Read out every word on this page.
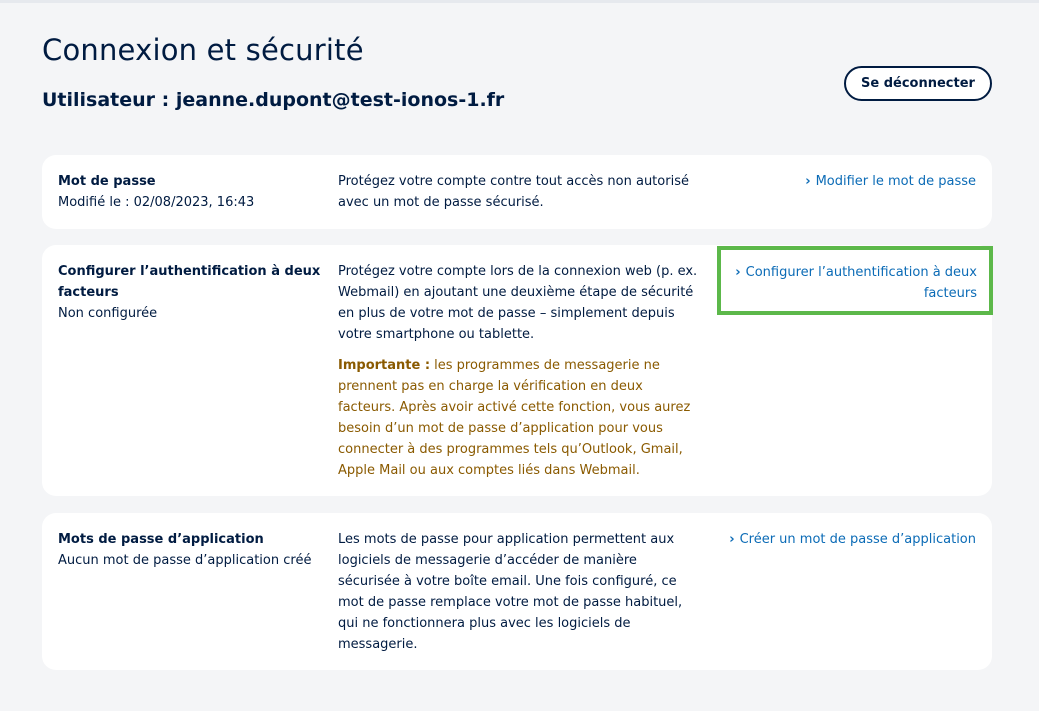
Connexion et sécurité
Utilisateur : jeanne.dupont@test-ionos-1.fr
Se déconnecter
Mot de passe
Modifié le : 02/08/2023, 16:43

Protégez votre compte contre tout accès non autorisé avec un mot de passe sécurisé.

› Modifier le mot de passe
Configurer l’authentification à deux facteurs
Non configurée

Protégez votre compte lors de la connexion web (p. ex. Webmail) en ajoutant une deuxième étape de sécurité en plus de votre mot de passe – simplement depuis votre smartphone ou tablette.

Importante : les programmes de messagerie ne prennent pas en charge la vérification en deux facteurs. Après avoir activé cette fonction, vous aurez besoin d’un mot de passe d’application pour vous connecter à des programmes tels qu’Outlook, Gmail, Apple Mail ou aux comptes liés dans Webmail.

› Configurer l’authentification à deux facteurs
Mots de passe d’application
Aucun mot de passe d’application créé

Les mots de passe pour application permettent aux logiciels de messagerie d’accéder de manière sécurisée à votre boîte email. Une fois configuré, ce mot de passe remplace votre mot de passe habituel, qui ne fonctionnera plus avec les logiciels de messagerie.

› Créer un mot de passe d’application
